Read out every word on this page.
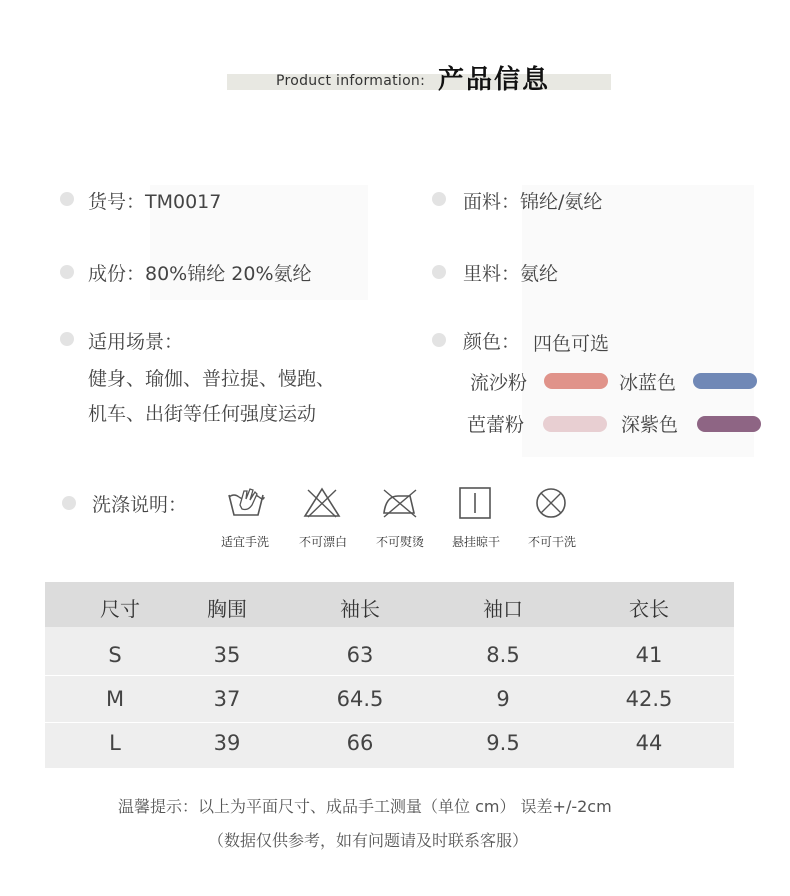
Product information: 产品信息
货号：TM0017	面料：锦纶/氨纶
成份：80%锦纶 20%氨纶	里料：氨纶
适用场景：
健身、瑜伽、普拉提、慢跑、
机车、出街等任何强度运动
颜色： 四色可选
流沙粉	冰蓝色
芭蕾粉	深紫色
洗涤说明：
适宜手洗	不可漂白	不可熨烫	悬挂晾干	不可干洗
尺寸	胸围	袖长	袖口	衣长
S	35	63	8.5	41
M	37	64.5	9	42.5
L	39	66	9.5	44
温馨提示：以上为平面尺寸、成品手工测量（单位 cm） 误差+/-2cm
（数据仅供参考，如有问题请及时联系客服）
